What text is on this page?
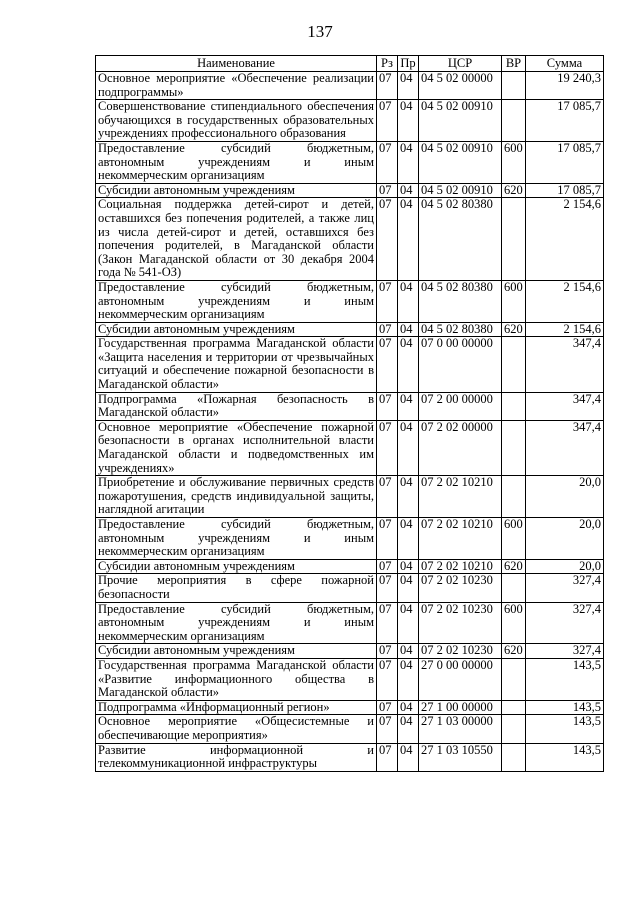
137
Наименование	Рз	Пр	ЦСР	ВР	Сумма
Основное мероприятие «Обеспечение реализации подпрограммы»	07	04	04 5 02 00000		19 240,3
Совершенствование стипендиального обеспечения обучающихся в государственных образовательных учреждениях профессионального образования	07	04	04 5 02 00910		17 085,7
Предоставление субсидий бюджетным, автономным учреждениям и иным некоммерческим организациям	07	04	04 5 02 00910	600	17 085,7
Субсидии автономным учреждениям	07	04	04 5 02 00910	620	17 085,7
Социальная поддержка детей-сирот и детей, оставшихся без попечения родителей, а также лиц из числа детей-сирот и детей, оставшихся без попечения родителей, в Магаданской области (Закон Магаданской области от 30 декабря 2004 года № 541-ОЗ)	07	04	04 5 02 80380		2 154,6
Предоставление субсидий бюджетным, автономным учреждениям и иным некоммерческим организациям	07	04	04 5 02 80380	600	2 154,6
Субсидии автономным учреждениям	07	04	04 5 02 80380	620	2 154,6
Государственная программа Магаданской области «Защита населения и территории от чрезвычайных ситуаций и обеспечение пожарной безопасности в Магаданской области»	07	04	07 0 00 00000		347,4
Подпрограмма «Пожарная безопасность в Магаданской области»	07	04	07 2 00 00000		347,4
Основное мероприятие «Обеспечение пожарной безопасности в органах исполнительной власти Магаданской области и подведомственных им учреждениях»	07	04	07 2 02 00000		347,4
Приобретение и обслуживание первичных средств пожаротушения, средств индивидуальной защиты, наглядной агитации	07	04	07 2 02 10210		20,0
Предоставление субсидий бюджетным, автономным учреждениям и иным некоммерческим организациям	07	04	07 2 02 10210	600	20,0
Субсидии автономным учреждениям	07	04	07 2 02 10210	620	20,0
Прочие мероприятия в сфере пожарной безопасности	07	04	07 2 02 10230		327,4
Предоставление субсидий бюджетным, автономным учреждениям и иным некоммерческим организациям	07	04	07 2 02 10230	600	327,4
Субсидии автономным учреждениям	07	04	07 2 02 10230	620	327,4
Государственная программа Магаданской области «Развитие информационного общества в Магаданской области»	07	04	27 0 00 00000		143,5
Подпрограмма «Информационный регион»	07	04	27 1 00 00000		143,5
Основное мероприятие «Общесистемные и обеспечивающие мероприятия»	07	04	27 1 03 00000		143,5
Развитие информационной и телекоммуникационной инфраструктуры	07	04	27 1 03 10550		143,5
